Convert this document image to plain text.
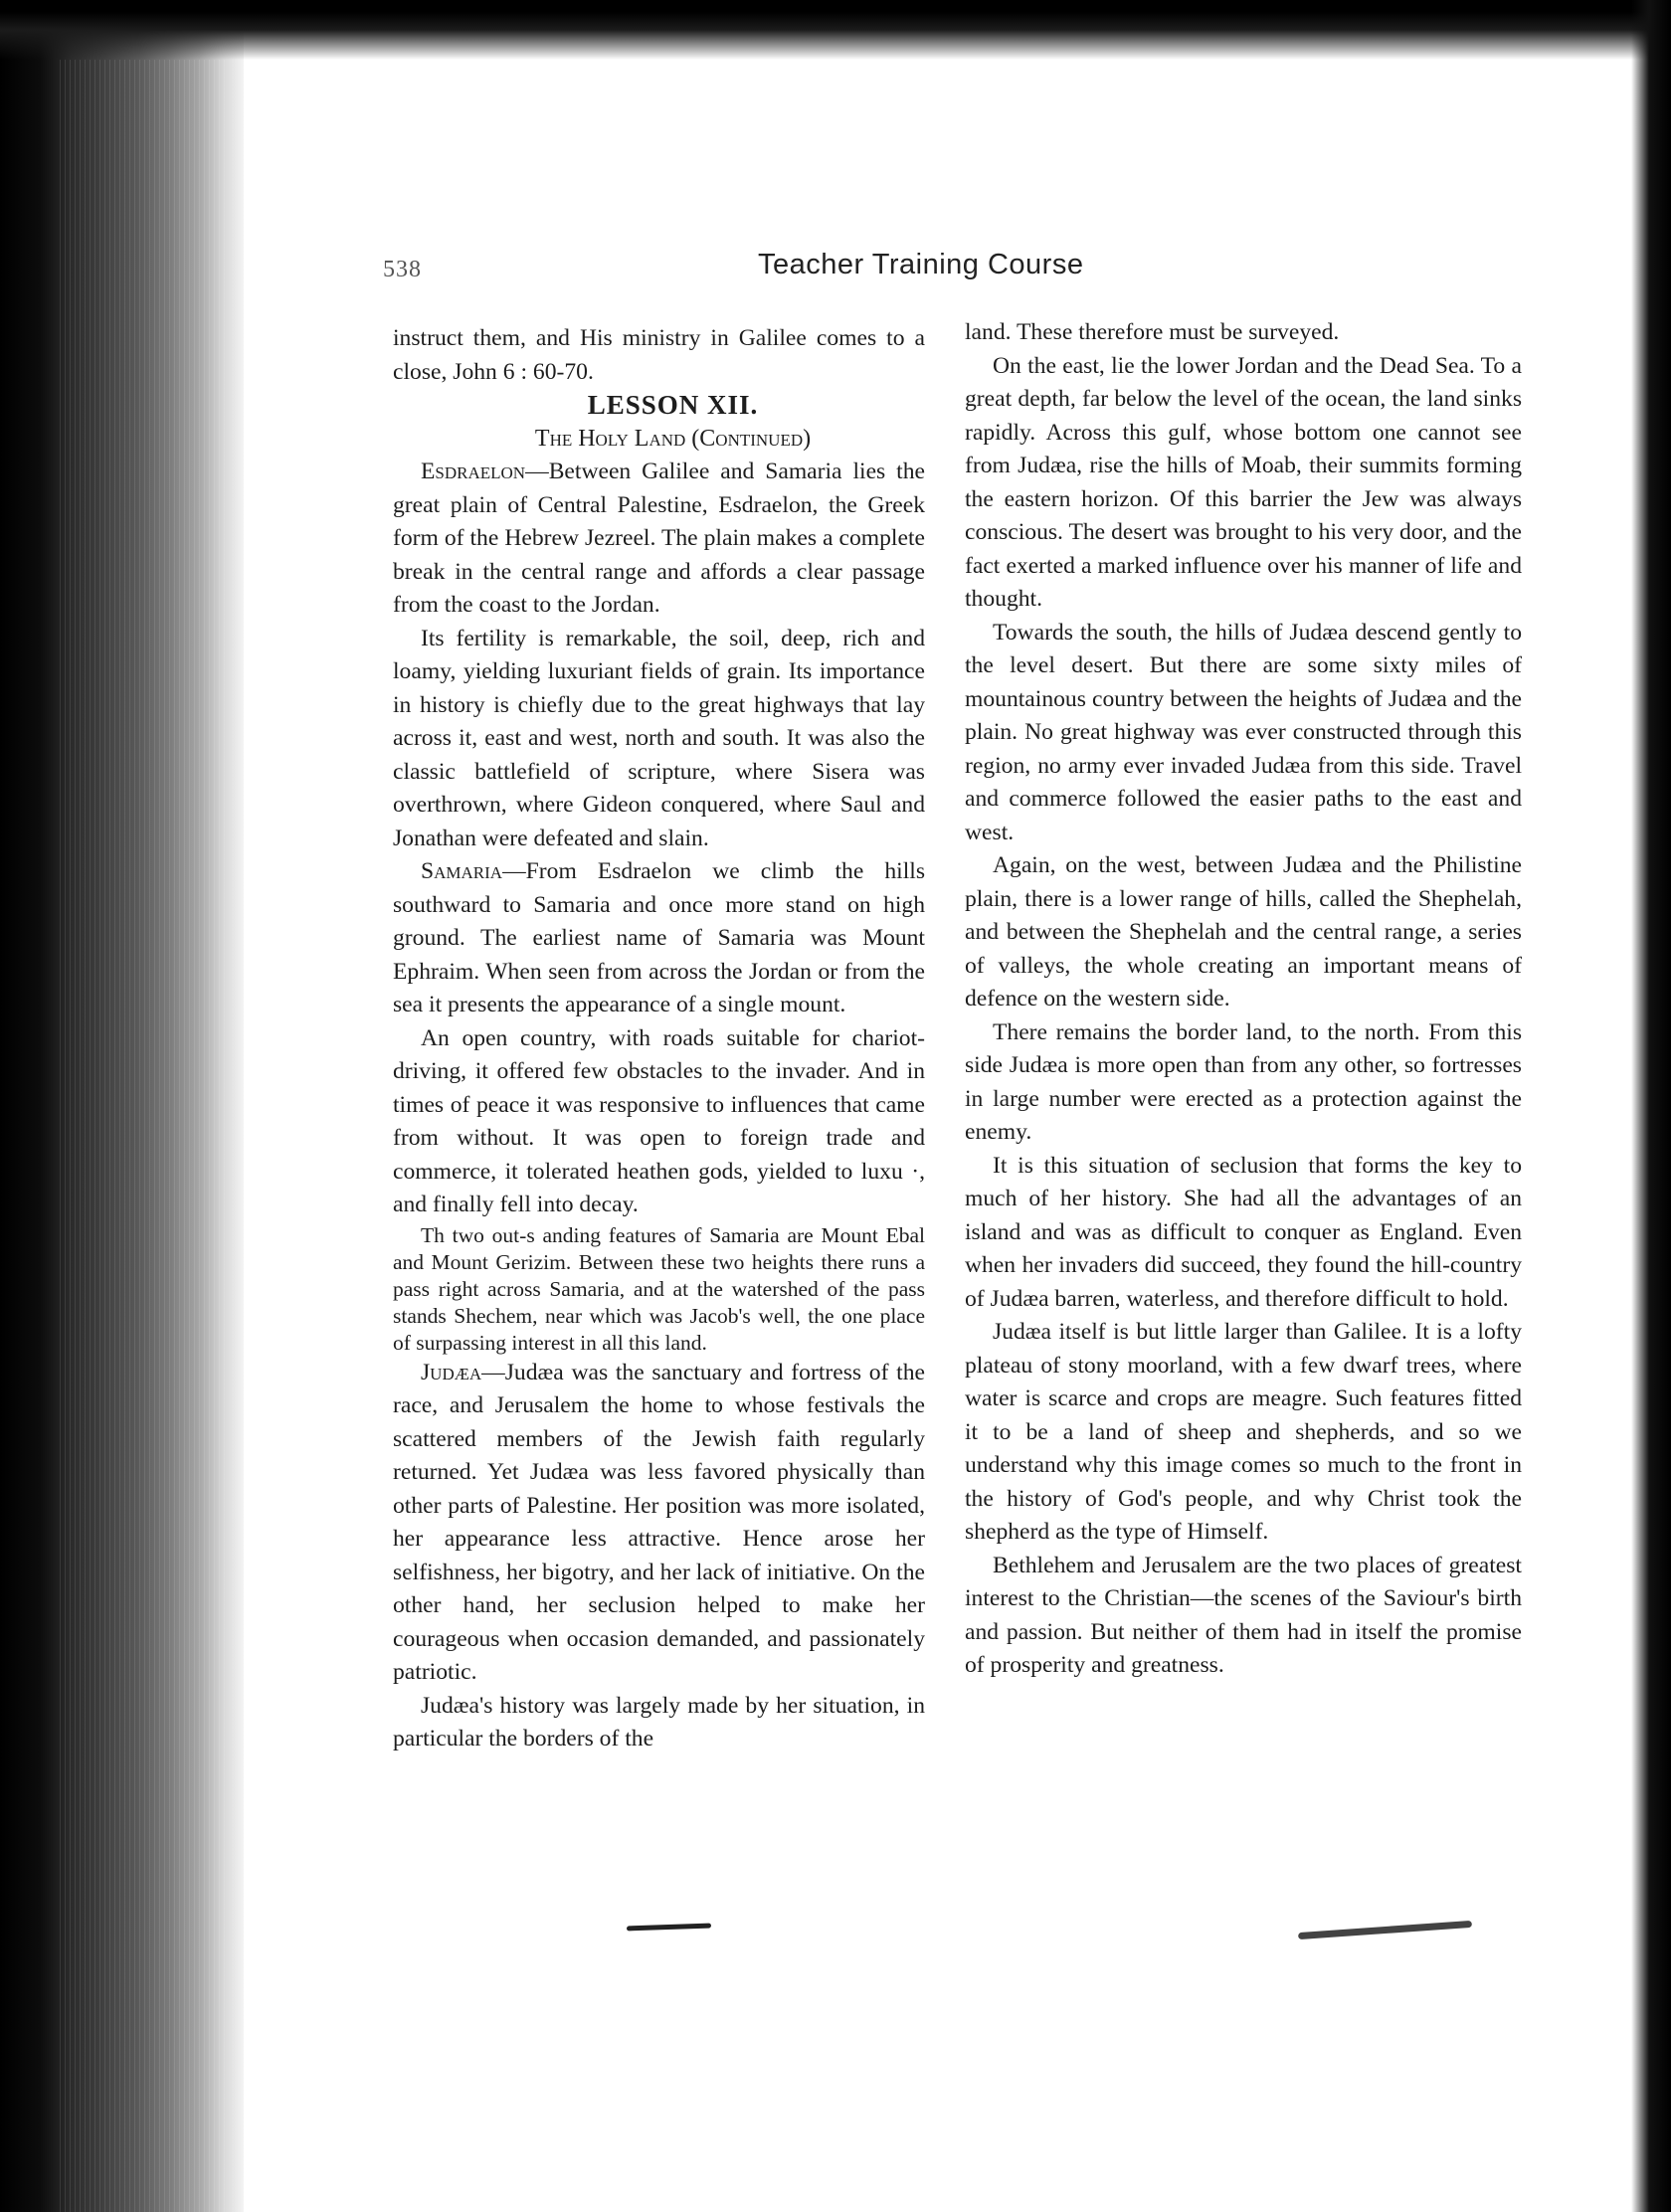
538	Teacher Training Course

instruct them, and His ministry in Galilee comes to a close, John 6 : 60-70.

LESSON XII.

The Holy Land (Continued)

Esdraelon—Between Galilee and Samaria lies the great plain of Central Palestine, Esdraelon, the Greek form of the Hebrew Jezreel. The plain makes a complete break in the central range and affords a clear passage from the coast to the Jordan.

Its fertility is remarkable, the soil, deep, rich and loamy, yielding luxuriant fields of grain. Its importance in history is chiefly due to the great highways that lay across it, east and west, north and south. It was also the classic battlefield of scripture, where Sisera was overthrown, where Gideon conquered, where Saul and Jonathan were defeated and slain.

Samaria—From Esdraelon we climb the hills southward to Samaria and once more stand on high ground. The earliest name of Samaria was Mount Ephraim. When seen from across the Jordan or from the sea it presents the appearance of a single mount.

An open country, with roads suitable for chariot-driving, it offered few obstacles to the invader. And in times of peace it was responsive to influences that came from without. It was open to foreign trade and commerce, it tolerated heathen gods, yielded to luxu ·, and finally fell into decay.

Th two out-s anding features of Samaria are Mount Ebal and Mount Gerizim. Between these two heights there runs a pass right across Samaria, and at the watershed of the pass stands Shechem, near which was Jacob's well, the one place of surpassing interest in all this land.

Judæa—Judæa was the sanctuary and fortress of the race, and Jerusalem the home to whose festivals the scattered members of the Jewish faith regularly returned. Yet Judæa was less favored physically than other parts of Palestine. Her position was more isolated, her appearance less attractive. Hence arose her selfishness, her bigotry, and her lack of initiative. On the other hand, her seclusion helped to make her courageous when occasion demanded, and passionately patriotic.

Judæa's history was largely made by her situation, in particular the borders of the

land. These therefore must be surveyed.

On the east, lie the lower Jordan and the Dead Sea. To a great depth, far below the level of the ocean, the land sinks rapidly. Across this gulf, whose bottom one cannot see from Judæa, rise the hills of Moab, their summits forming the eastern horizon. Of this barrier the Jew was always conscious. The desert was brought to his very door, and the fact exerted a marked influence over his manner of life and thought.

Towards the south, the hills of Judæa descend gently to the level desert. But there are some sixty miles of mountainous country between the heights of Judæa and the plain. No great highway was ever constructed through this region, no army ever invaded Judæa from this side. Travel and commerce followed the easier paths to the east and west.

Again, on the west, between Judæa and the Philistine plain, there is a lower range of hills, called the Shephelah, and between the Shephelah and the central range, a series of valleys, the whole creating an important means of defence on the western side.

There remains the border land, to the north. From this side Judæa is more open than from any other, so fortresses in large number were erected as a protection against the enemy.

It is this situation of seclusion that forms the key to much of her history. She had all the advantages of an island and was as difficult to conquer as England. Even when her invaders did succeed, they found the hill-country of Judæa barren, waterless, and therefore difficult to hold.

Judæa itself is but little larger than Galilee. It is a lofty plateau of stony moorland, with a few dwarf trees, where water is scarce and crops are meagre. Such features fitted it to be a land of sheep and shepherds, and so we understand why this image comes so much to the front in the history of God's people, and why Christ took the shepherd as the type of Himself.

Bethlehem and Jerusalem are the two places of greatest interest to the Christian—the scenes of the Saviour's birth and passion. But neither of them had in itself the promise of prosperity and greatness.
